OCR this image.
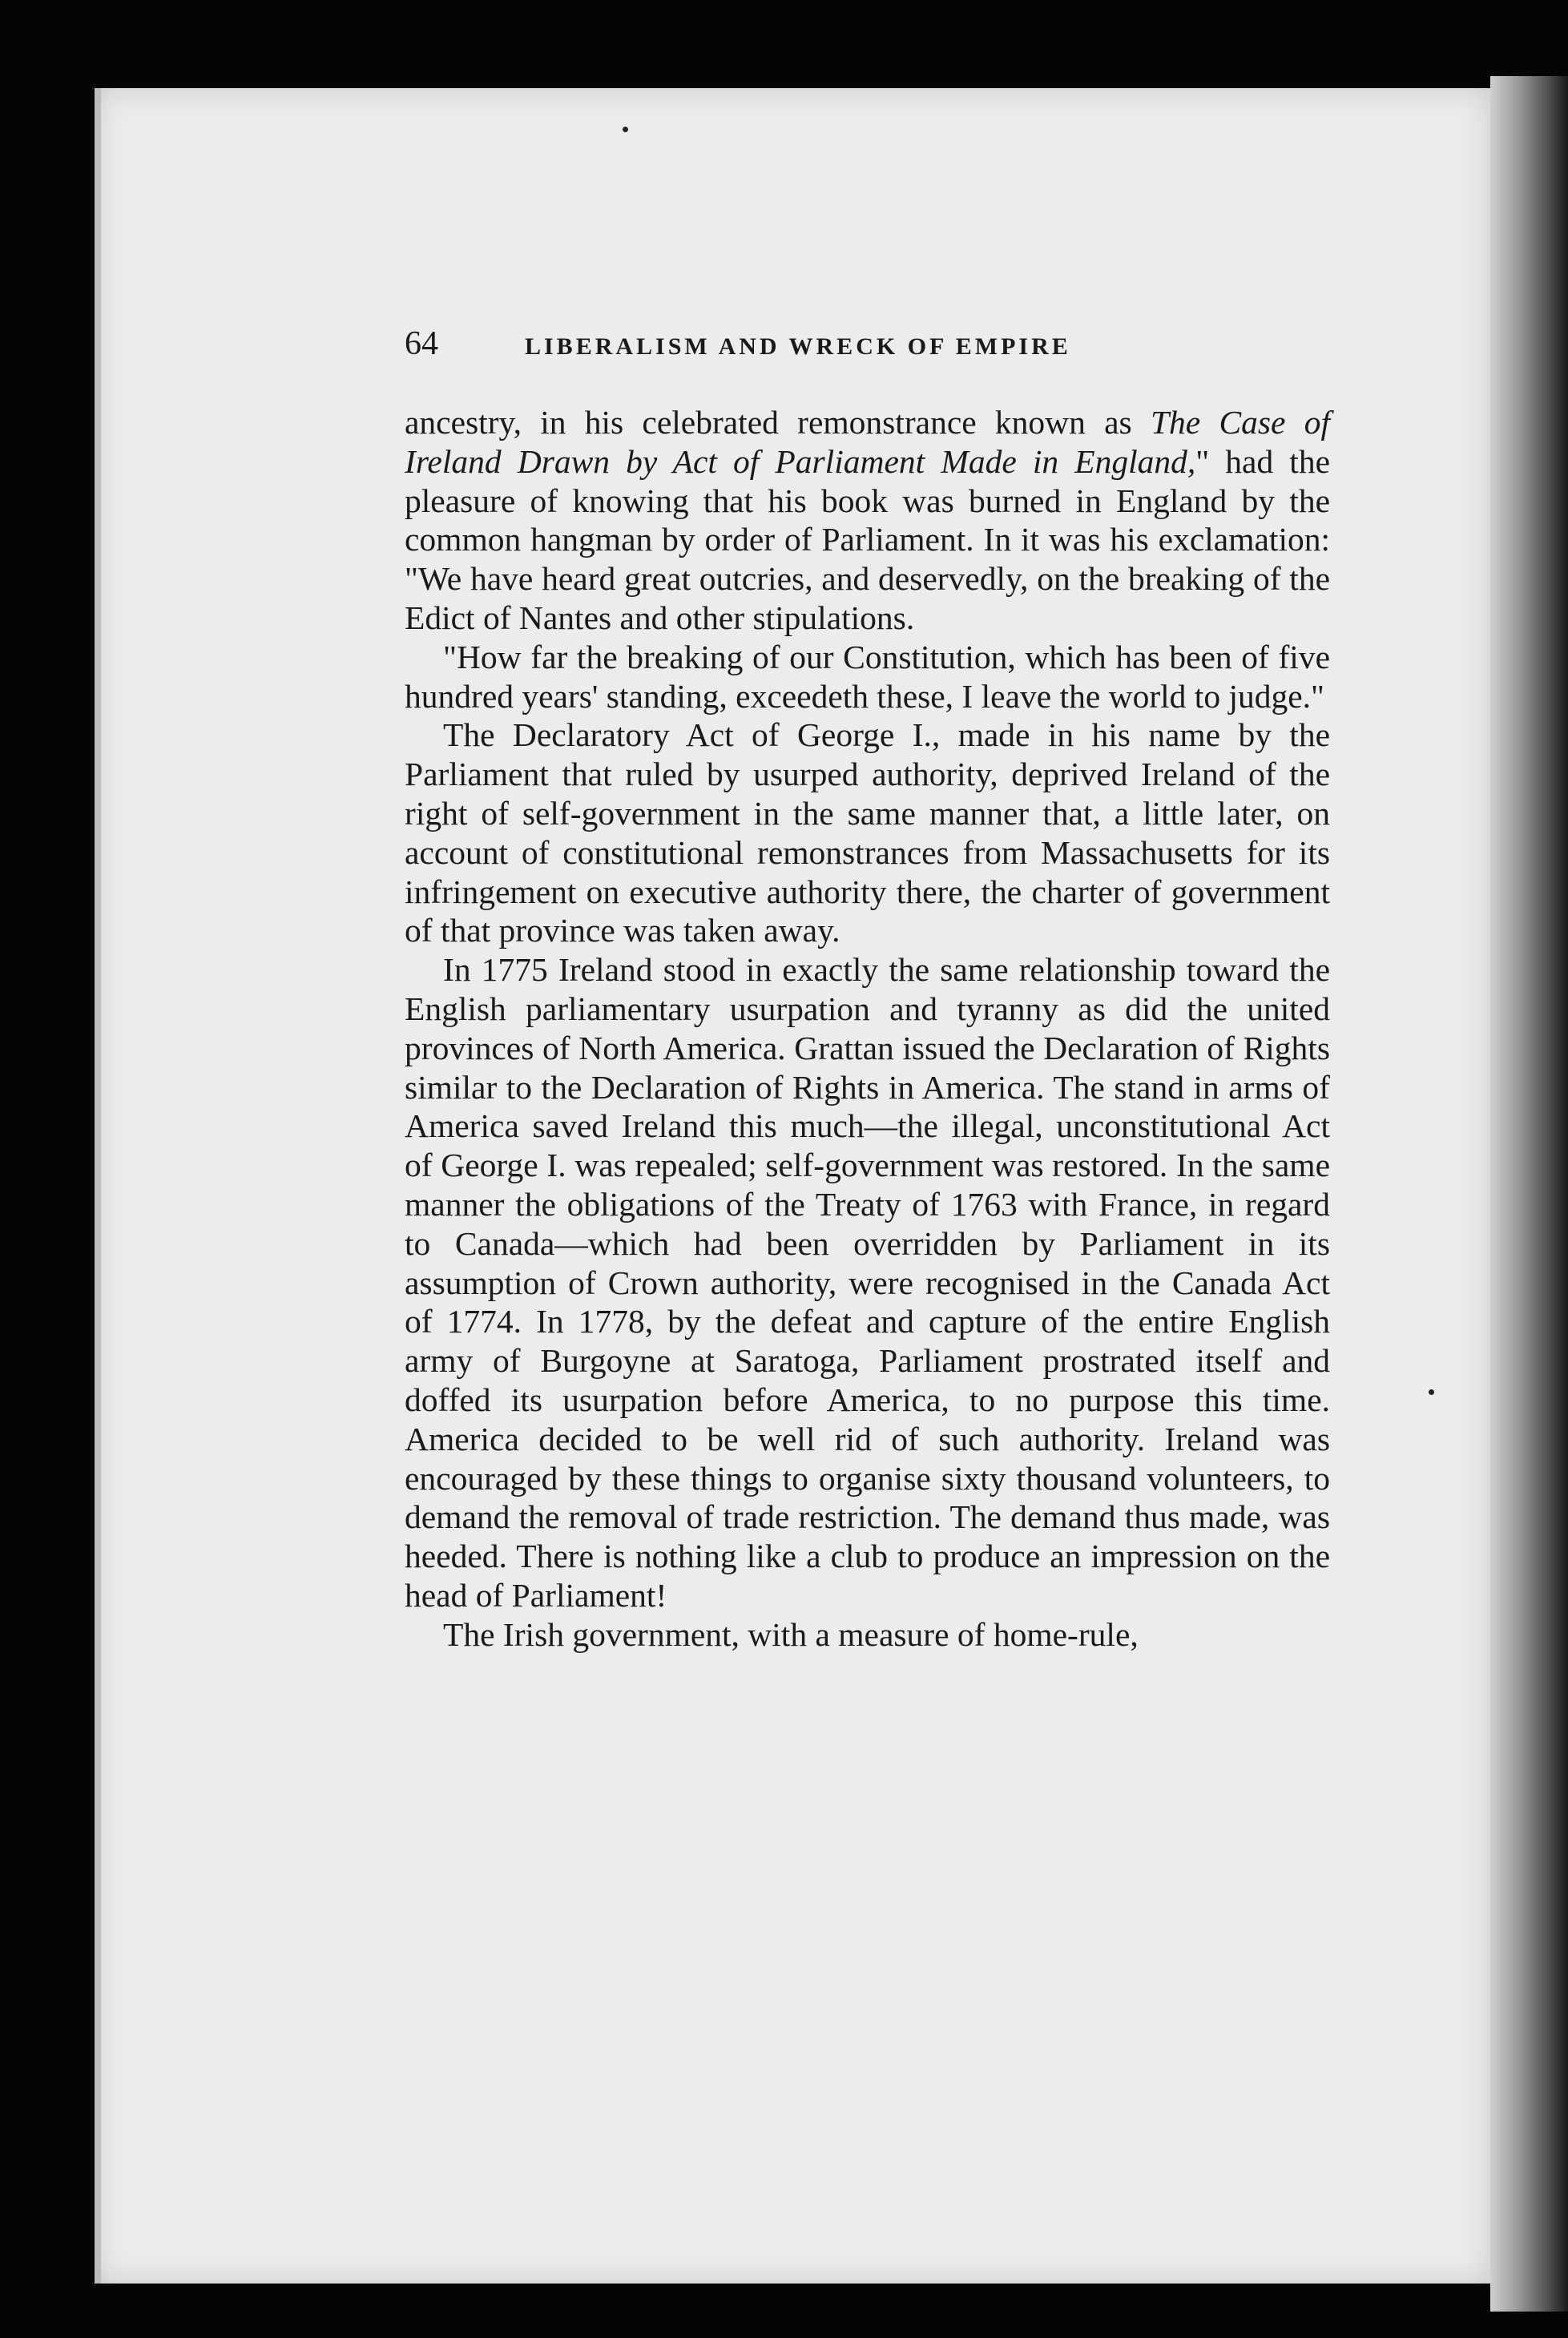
64	LIBERALISM AND WRECK OF EMPIRE

ancestry, in his celebrated remonstrance known as The Case of Ireland Drawn by Act of Parliament Made in England," had the pleasure of knowing that his book was burned in England by the common hangman by order of Parliament. In it was his exclamation: "We have heard great outcries, and deservedly, on the breaking of the Edict of Nantes and other stipulations.

"How far the breaking of our Constitution, which has been of five hundred years' standing, exceedeth these, I leave the world to judge."

The Declaratory Act of George I., made in his name by the Parliament that ruled by usurped authority, deprived Ireland of the right of self-government in the same manner that, a little later, on account of constitutional remonstrances from Massachusetts for its infringement on executive authority there, the charter of government of that province was taken away.

In 1775 Ireland stood in exactly the same relationship toward the English parliamentary usurpation and tyranny as did the united provinces of North America. Grattan issued the Declaration of Rights similar to the Declaration of Rights in America. The stand in arms of America saved Ireland this much—the illegal, unconstitutional Act of George I. was repealed; self-government was restored. In the same manner the obligations of the Treaty of 1763 with France, in regard to Canada—which had been overridden by Parliament in its assumption of Crown authority, were recognised in the Canada Act of 1774. In 1778, by the defeat and capture of the entire English army of Burgoyne at Saratoga, Parliament prostrated itself and doffed its usurpation before America, to no purpose this time. America decided to be well rid of such authority. Ireland was encouraged by these things to organise sixty thousand volunteers, to demand the removal of trade restriction. The demand thus made, was heeded. There is nothing like a club to produce an impression on the head of Parliament!

The Irish government, with a measure of home-rule,
